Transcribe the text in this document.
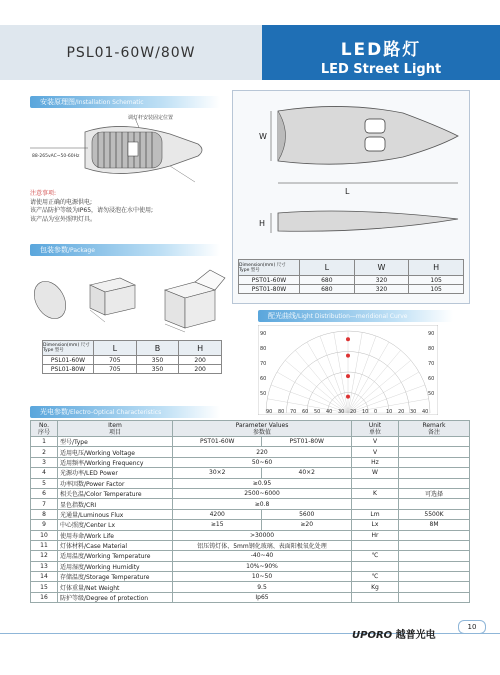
PSL01-60W/80W	LED路灯
LED Street Light
安装原理图/Installation Schematic
调灯杆安装固定位置
88-265vAC~50-60Hz
注意事项:
请使用正确的电源供电;
该产品防护等级为IP65，请勿浸泡在水中使用;
该产品为室外照明灯具。
W
L
H
Dimension(mm) 尺寸
Type 型号	L	W	H
PST01-60W	680	320	105
PST01-80W	680	320	105
包装参数/Package
Dimension(mm) 尺寸
Type 型号	L	B	H
PSL01-60W	705	350	200
PSL01-80W	705	350	200
配光曲线/Light Distribution—meridional Curve
90 80 70 60 50 40 30 20 10 0 10 20 30 40
90
80
70
60
50
90
80
70
60
50
光电参数/Electro-Optical Characteristics
No.
序号	Item
项目	Parameter Values
参数值		Unit
单位	Remark
备注
1	型号/Type	PST01-60W	PST01-80W	V	
2	适用电压/Working Voltage	220		V	
3	适用频率/Working Frequency	50~60		Hz	
4	光源功率/LED Power	30×2	40×2	W	
5	功率因数/Power Factor	≥0.95			
6	相关色温/Color Temperature	2500~6000		K	可选择
7	显色指数/CRI	≥0.8			
8	光通量/Luminous Flux	4200	5600	Lm	5500K
9	中心照度/Center Lx	≥15	≥20	Lx	8M
10	使用寿命/Work Life	>30000		Hr	
11	灯体材料/Case Material	铝压铸灯体、5mm钢化玻璃、表面阳极氧化处理			
12	适用温度/Working Temperature	-40~40		℃	
13	适用湿度/Working Humidity	10%~90%			
14	存储温度/Storage Temperature	10~50		℃	
15	灯体重量/Net Weight	9.5		Kg	
16	防护等级/Degree of protection	Ip65			
UPORO 越普光电
10
